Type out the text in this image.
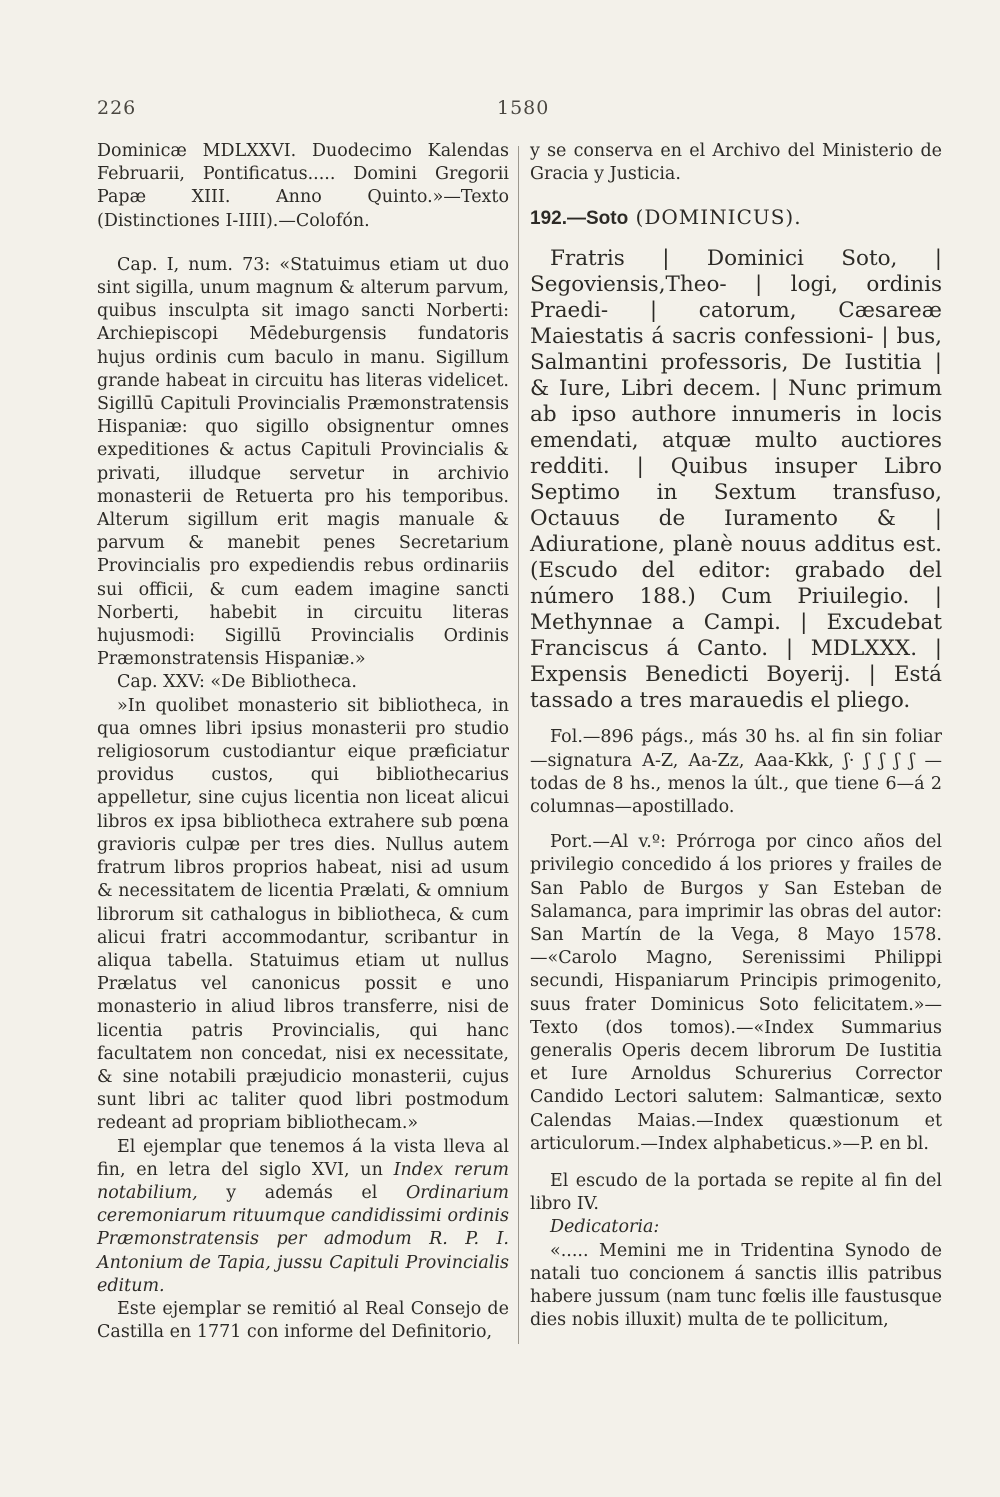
226	1580

Dominicæ MDLXXVI. Duodecimo Kalendas Februarii, Pontificatus..... Domini Gregorii Papæ XIII. Anno Quinto.»—Texto (Distinctiones I-IIII).—Colofón.

Cap. I, num. 73: «Statuimus etiam ut duo sint sigilla, unum magnum & alterum parvum, quibus insculpta sit imago sancti Norberti: Archiepiscopi Mēdeburgensis fundatoris hujus ordinis cum baculo in manu. Sigillum grande habeat in circuitu has literas videlicet. Sigillū Capituli Provincialis Præmonstratensis Hispaniæ: quo sigillo obsignentur omnes expeditiones & actus Capituli Provincialis & privati, illudque servetur in archivio monasterii de Retuerta pro his temporibus. Alterum sigillum erit magis manuale & parvum & manebit penes Secretarium Provincialis pro expediendis rebus ordinariis sui officii, & cum eadem imagine sancti Norberti, habebit in circuitu literas hujusmodi: Sigillū Provincialis Ordinis Præmonstratensis Hispaniæ.»

Cap. XXV: «De Bibliotheca.

»In quolibet monasterio sit bibliotheca, in qua omnes libri ipsius monasterii pro studio religiosorum custodiantur eique præficiatur providus custos, qui bibliothecarius appelletur, sine cujus licentia non liceat alicui libros ex ipsa bibliotheca extrahere sub pœna gravioris culpæ per tres dies. Nullus autem fratrum libros proprios habeat, nisi ad usum & necessitatem de licentia Prælati, & omnium librorum sit cathalogus in bibliotheca, & cum alicui fratri accommodantur, scribantur in aliqua tabella. Statuimus etiam ut nullus Prælatus vel canonicus possit e uno monasterio in aliud libros transferre, nisi de licentia patris Provincialis, qui hanc facultatem non concedat, nisi ex necessitate, & sine notabili præjudicio monasterii, cujus sunt libri ac taliter quod libri postmodum redeant ad propriam bibliothecam.»

El ejemplar que tenemos á la vista lleva al fin, en letra del siglo XVI, un Index rerum notabilium, y además el Ordinarium ceremoniarum rituumque candidissimi ordinis Præmonstratensis per admodum R. P. I. Antonium de Tapia, jussu Capituli Provincialis editum.

Este ejemplar se remitió al Real Consejo de Castilla en 1771 con informe del Definitorio,

y se conserva en el Archivo del Ministerio de Gracia y Justicia.

192.—Soto (DOMINICUS).

Fratris | Dominici Soto, | Segoviensis,Theo- | logi, ordinis Praedi- | catorum, Cæsareæ Maiestatis á sacris confessioni- | bus, Salmantini professoris, De Iustitia | & Iure, Libri decem. | Nunc primum ab ipso authore innumeris in locis emendati, atquæ multo auctiores redditi. | Quibus insuper Libro Septimo in Sextum transfuso, Octauus de Iuramento & | Adiuratione, planè nouus additus est. (Escudo del editor: grabado del número 188.) Cum Priuilegio. | Methynnae a Campi. | Excudebat Franciscus á Canto. | MDLXXX. | Expensis Benedicti Boyerij. | Está tassado a tres marauedis el pliego.

Fol.—896 págs., más 30 hs. al fin sin foliar—signatura A-Z, Aa-Zz, Aaa-Kkk, ʃ· ʃ ʃ ʃ ʃ —todas de 8 hs., menos la últ., que tiene 6—á 2 columnas—apostillado.

Port.—Al v.º: Prórroga por cinco años del privilegio concedido á los priores y frailes de San Pablo de Burgos y San Esteban de Salamanca, para imprimir las obras del autor: San Martín de la Vega, 8 Mayo 1578.—«Carolo Magno, Serenissimi Philippi secundi, Hispaniarum Principis primogenito, suus frater Dominicus Soto felicitatem.»—Texto (dos tomos).—«Index Summarius generalis Operis decem librorum De Iustitia et Iure Arnoldus Schurerius Corrector Candido Lectori salutem: Salmanticæ, sexto Calendas Maias.—Index quæstionum et articulorum.—Index alphabeticus.»—P. en bl.

El escudo de la portada se repite al fin del libro IV.

Dedicatoria:

«..... Memini me in Tridentina Synodo de natali tuo concionem á sanctis illis patribus habere jussum (nam tunc fœlis ille faustusque dies nobis illuxit) multa de te pollicitum,
